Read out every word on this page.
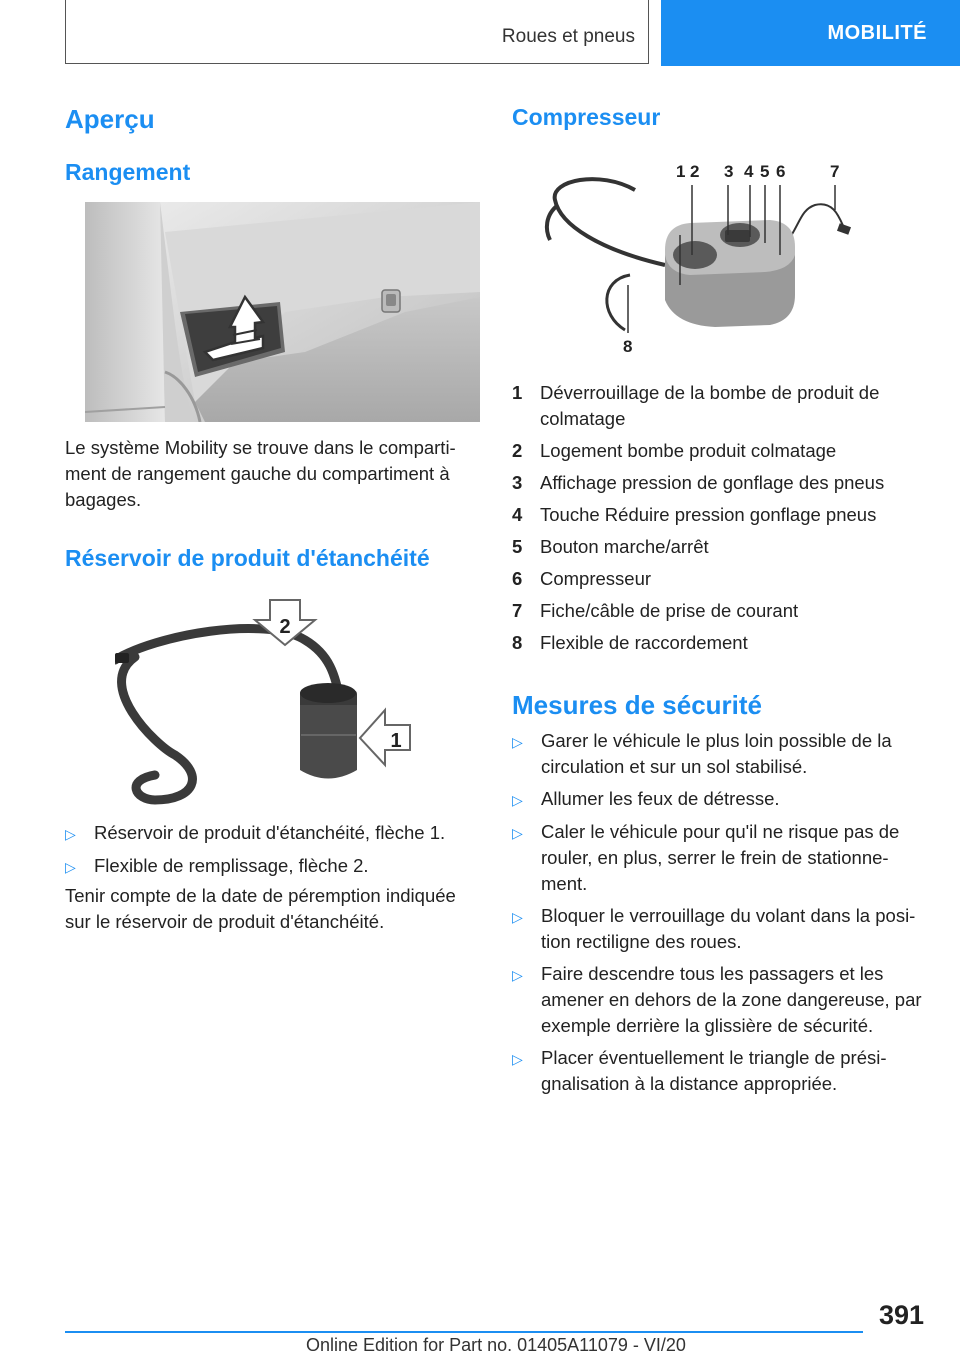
Roues et pneus	MOBILITÉ
Aperçu
Rangement
Le système Mobility se trouve dans le comparti-ment de rangement gauche du compartiment à bagages.
Réservoir de produit d'étanchéité
2
1
▷ Réservoir de produit d'étanchéité, flèche 1.
▷ Flexible de remplissage, flèche 2.
Tenir compte de la date de péremption indiquée sur le réservoir de produit d'étanchéité.
Compresseur
1 2 3 4 5 6	7
8
1 Déverrouillage de la bombe de produit de colmatage
2 Logement bombe produit colmatage
3 Affichage pression de gonflage des pneus
4 Touche Réduire pression gonflage pneus
5 Bouton marche/arrêt
6 Compresseur
7 Fiche/câble de prise de courant
8 Flexible de raccordement
Mesures de sécurité
▷ Garer le véhicule le plus loin possible de la circulation et sur un sol stabilisé.
▷ Allumer les feux de détresse.
▷ Caler le véhicule pour qu'il ne risque pas de rouler, en plus, serrer le frein de stationne-ment.
▷ Bloquer le verrouillage du volant dans la posi-tion rectiligne des roues.
▷ Faire descendre tous les passagers et les amener en dehors de la zone dangereuse, par exemple derrière la glissière de sécurité.
▷ Placer éventuellement le triangle de prési-gnalisation à la distance appropriée.
391
Online Edition for Part no. 01405A11079 - VI/20
